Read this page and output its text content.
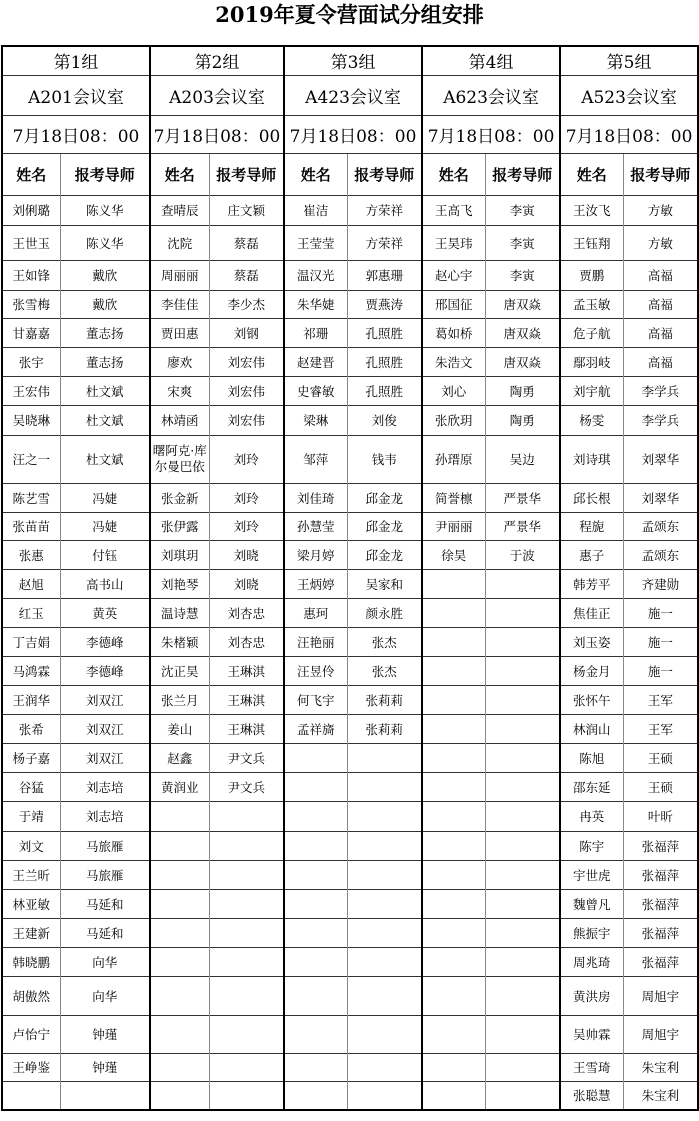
2019年夏令营面试分组安排
第1组		第2组		第3组		第4组		第5组	
A201会议室		A203会议室		A423会议室		A623会议室		A523会议室	
7月18日08：00		7月18日08：00		7月18日08：00		7月18日08：00		7月18日08：00	
姓名	报考导师	姓名	报考导师	姓名	报考导师	姓名	报考导师	姓名	报考导师
刘俐璐	陈义华	查晴辰	庄文颖	崔洁	方荣祥	王高飞	李寅	王汝飞	方敏
王世玉	陈义华	沈院	蔡磊	王莹莹	方荣祥	王昊玮	李寅	王钰翔	方敏
王如锋	戴欣	周丽丽	蔡磊	温汉光	郭惠珊	赵心宇	李寅	贾鹏	高福
张雪梅	戴欣	李佳佳	李少杰	朱华婕	贾燕涛	邢国征	唐双焱	孟玉敏	高福
甘嘉嘉	董志扬	贾田惠	刘钢	祁珊	孔照胜	葛如桥	唐双焱	危子航	高福
张宇	董志扬	廖欢	刘宏伟	赵建晋	孔照胜	朱浩文	唐双焱	鄢羽岐	高福
王宏伟	杜文斌	宋爽	刘宏伟	史睿敏	孔照胜	刘心	陶勇	刘宇航	李学兵
吴晓琳	杜文斌	林靖函	刘宏伟	梁琳	刘俊	张欣玥	陶勇	杨雯	李学兵
汪之一	杜文斌	曙阿克·库尔曼巴依	刘玲	邹萍	钱韦	孙瑨原	吴边	刘诗琪	刘翠华
陈艺雪	冯婕	张金新	刘玲	刘佳琦	邱金龙	简誉檩	严景华	邱长根	刘翠华
张苗苗	冯婕	张伊露	刘玲	孙慧莹	邱金龙	尹丽丽	严景华	程旎	孟颂东
张惠	付钰	刘琪玥	刘晓	梁月婷	邱金龙	徐昊	于波	惠子	孟颂东
赵旭	高书山	刘艳琴	刘晓	王炳婷	吴家和			韩芳平	齐建勋
红玉	黄英	温诗慧	刘杏忠	惠珂	颜永胜			焦佳正	施一
丁吉娟	李德峰	朱楮颖	刘杏忠	汪艳丽	张杰			刘玉姿	施一
马鸿霖	李德峰	沈正昊	王琳淇	汪昱伶	张杰			杨金月	施一
王润华	刘双江	张兰月	王琳淇	何飞宇	张莉莉			张怀午	王军
张希	刘双江	姜山	王琳淇	孟祥旖	张莉莉			林润山	王军
杨子嘉	刘双江	赵鑫	尹文兵					陈旭	王硕
谷猛	刘志培	黄润业	尹文兵					邵东延	王硕
于靖	刘志培							冉英	叶昕
刘文	马旅雁							陈宇	张福萍
王兰昕	马旅雁							宇世虎	张福萍
林亚敏	马延和							魏曾凡	张福萍
王建新	马延和							熊振宇	张福萍
韩晓鹏	向华							周兆琦	张福萍
胡傲然	向华							黄洪房	周旭宇
卢怡宁	钟瑾							吴帅霖	周旭宇
王峥鉴	钟瑾							王雪琦	朱宝利
								张聪慧	朱宝利
